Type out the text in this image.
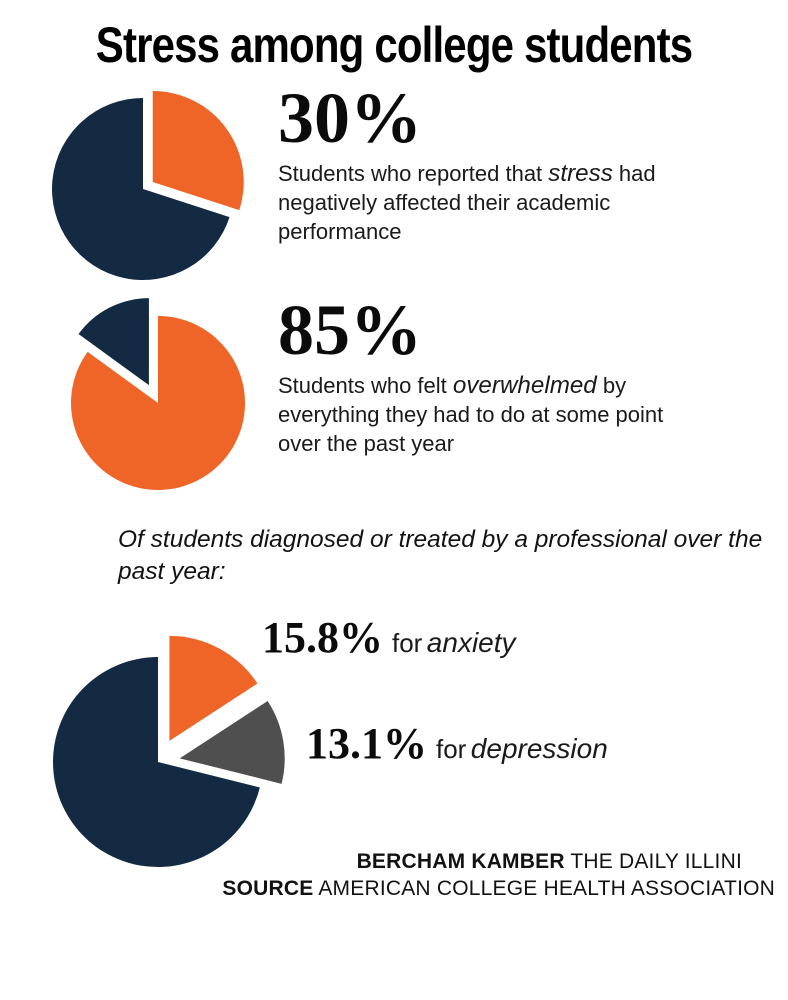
Stress among college students
30%
Students who reported that stress had negatively affected their academic performance
85%
Students who felt overwhelmed by everything they had to do at some point over the past year

Of students diagnosed or treated by a professional over the past year:

15.8% for anxiety
13.1% for depression
BERCHAM KAMBER THE DAILY ILLINI
SOURCE AMERICAN COLLEGE HEALTH ASSOCIATION
